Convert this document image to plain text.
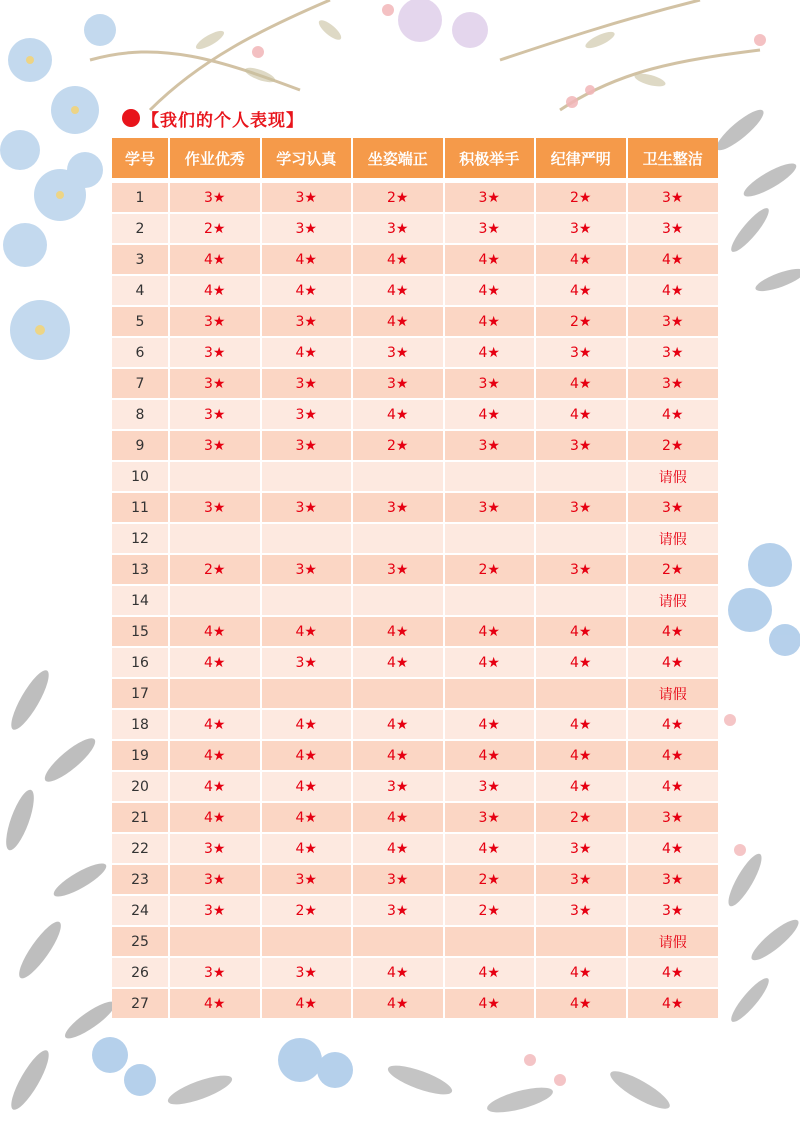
【我们的个人表现】
学号	作业优秀	学习认真	坐姿端正	积极举手	纪律严明	卫生整洁

1	3★	3★	2★	3★	2★	3★
2	2★	3★	3★	3★	3★	3★
3	4★	4★	4★	4★	4★	4★
4	4★	4★	4★	4★	4★	4★
5	3★	3★	4★	4★	2★	3★
6	3★	4★	3★	4★	3★	3★
7	3★	3★	3★	3★	4★	3★
8	3★	3★	4★	4★	4★	4★
9	3★	3★	2★	3★	3★	2★
10						请假
11	3★	3★	3★	3★	3★	3★
12						请假
13	2★	3★	3★	2★	3★	2★
14						请假
15	4★	4★	4★	4★	4★	4★
16	4★	3★	4★	4★	4★	4★
17						请假
18	4★	4★	4★	4★	4★	4★
19	4★	4★	4★	4★	4★	4★
20	4★	4★	3★	3★	4★	4★
21	4★	4★	4★	3★	2★	3★
22	3★	4★	4★	4★	3★	4★
23	3★	3★	3★	2★	3★	3★
24	3★	2★	3★	2★	3★	3★
25						请假
26	3★	3★	4★	4★	4★	4★
27	4★	4★	4★	4★	4★	4★
